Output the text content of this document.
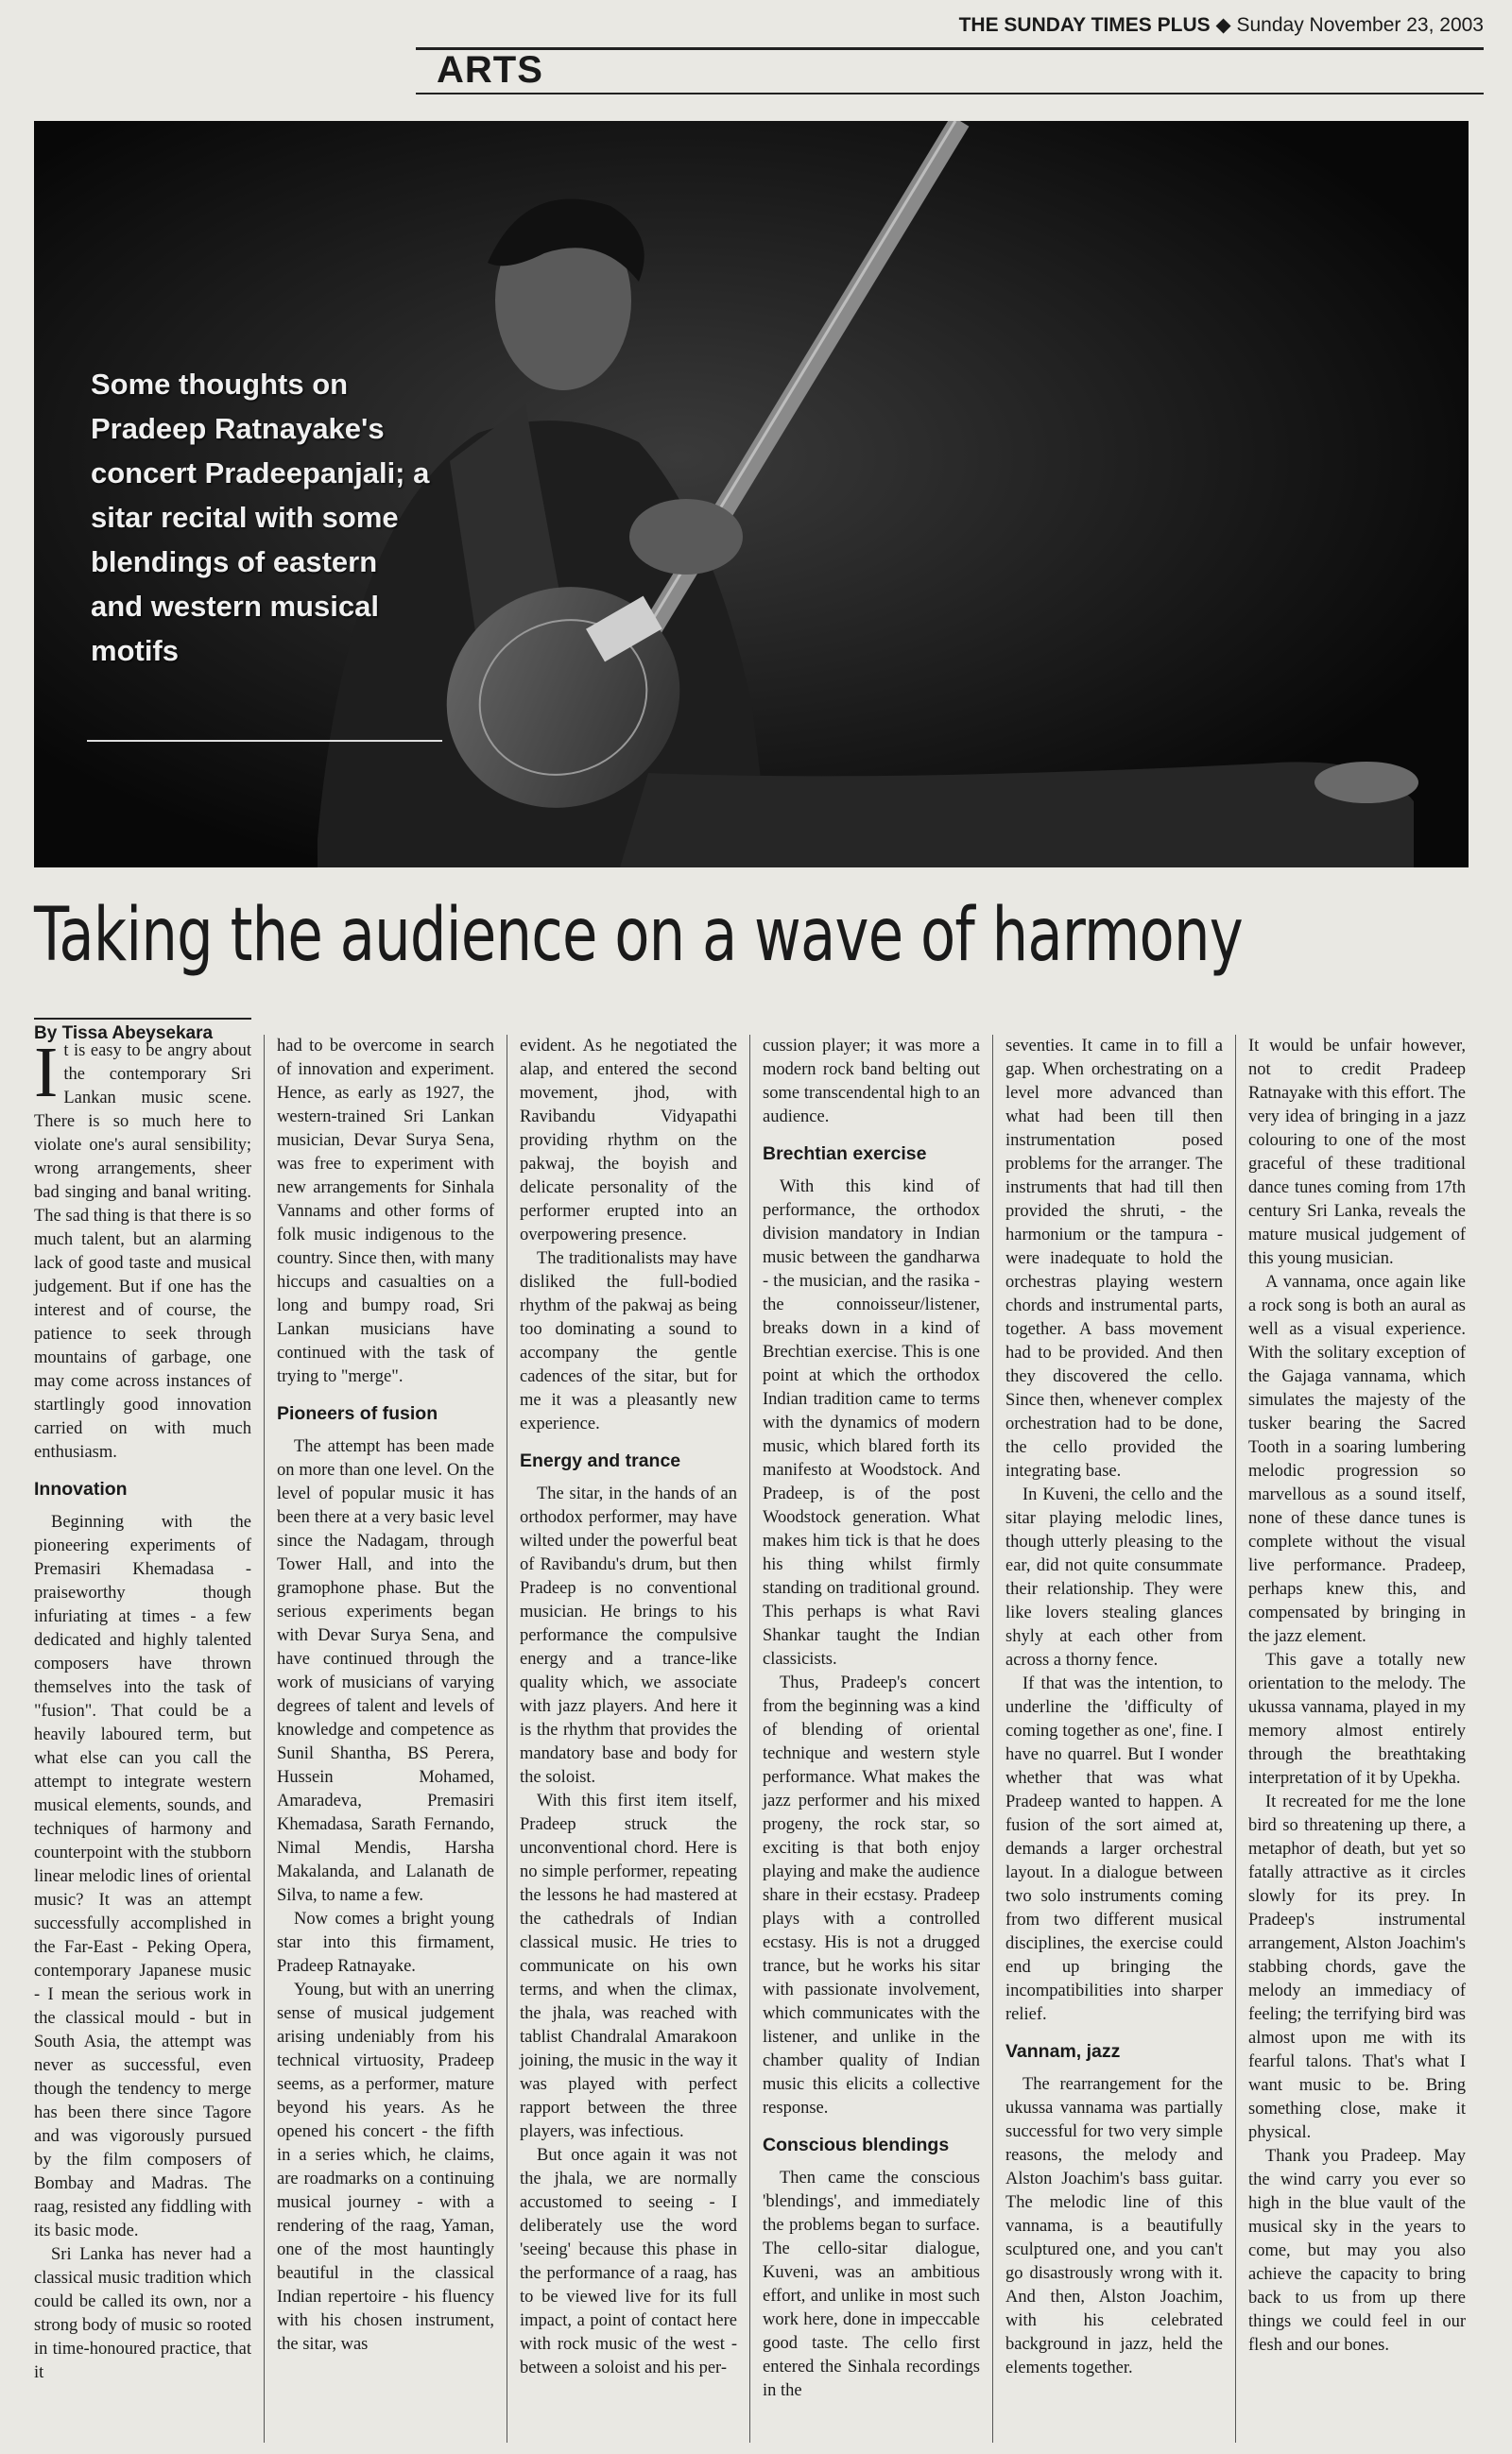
THE SUNDAY TIMES PLUS ◆ Sunday November 23, 2003
ARTS
Some thoughts on Pradeep Ratnayake's concert Pradeepanjali; a sitar recital with some blendings of eastern and western musical motifs
Taking the audience on a wave of harmony
By Tissa Abeysekara

It is easy to be angry about the contemporary Sri Lankan music scene. There is so much here to violate one's aural sensibility; wrong arrangements, sheer bad singing and banal writing. The sad thing is that there is so much talent, but an alarming lack of good taste and musical judgement. But if one has the interest and of course, the patience to seek through mountains of garbage, one may come across instances of startlingly good innovation carried on with much enthusiasm.

Innovation

Beginning with the pioneering experiments of Premasiri Khemadasa - praiseworthy though infuriating at times - a few dedicated and highly talented composers have thrown themselves into the task of "fusion". That could be a heavily laboured term, but what else can you call the attempt to integrate western musical elements, sounds, and techniques of harmony and counterpoint with the stubborn linear melodic lines of oriental music? It was an attempt successfully accomplished in the Far-East - Peking Opera, contemporary Japanese music - I mean the serious work in the classical mould - but in South Asia, the attempt was never as successful, even though the tendency to merge has been there since Tagore and was vigorously pursued by the film composers of Bombay and Madras. The raag, resisted any fiddling with its basic mode.

Sri Lanka has never had a classical music tradition which could be called its own, nor a strong body of music so rooted in time-honoured practice, that it

had to be overcome in search of innovation and experiment. Hence, as early as 1927, the western-trained Sri Lankan musician, Devar Surya Sena, was free to experiment with new arrangements for Sinhala Vannams and other forms of folk music indigenous to the country. Since then, with many hiccups and casualties on a long and bumpy road, Sri Lankan musicians have continued with the task of trying to "merge".

Pioneers of fusion

The attempt has been made on more than one level. On the level of popular music it has been there at a very basic level since the Nadagam, through Tower Hall, and into the gramophone phase. But the serious experiments began with Devar Surya Sena, and have continued through the work of musicians of varying degrees of talent and levels of knowledge and competence as Sunil Shantha, BS Perera, Hussein Mohamed, Amaradeva, Premasiri Khemadasa, Sarath Fernando, Nimal Mendis, Harsha Makalanda, and Lalanath de Silva, to name a few.

Now comes a bright young star into this firmament, Pradeep Ratnayake.

Young, but with an unerring sense of musical judgement arising undeniably from his technical virtuosity, Pradeep seems, as a performer, mature beyond his years. As he opened his concert - the fifth in a series which, he claims, are roadmarks on a continuing musical journey - with a rendering of the raag, Yaman, one of the most hauntingly beautiful in the classical Indian repertoire - his fluency with his chosen instrument, the sitar, was

evident. As he negotiated the alap, and entered the second movement, jhod, with Ravibandu Vidyapathi providing rhythm on the pakwaj, the boyish and delicate personality of the performer erupted into an overpowering presence.

The traditionalists may have disliked the full-bodied rhythm of the pakwaj as being too dominating a sound to accompany the gentle cadences of the sitar, but for me it was a pleasantly new experience.

Energy and trance

The sitar, in the hands of an orthodox performer, may have wilted under the powerful beat of Ravibandu's drum, but then Pradeep is no conventional musician. He brings to his performance the compulsive energy and a trance-like quality which, we associate with jazz players. And here it is the rhythm that provides the mandatory base and body for the soloist.

With this first item itself, Pradeep struck the unconventional chord. Here is no simple performer, repeating the lessons he had mastered at the cathedrals of Indian classical music. He tries to communicate on his own terms, and when the climax, the jhala, was reached with tablist Chandralal Amarakoon joining, the music in the way it was played with perfect rapport between the three players, was infectious.

But once again it was not the jhala, we are normally accustomed to seeing - I deliberately use the word 'seeing' because this phase in the performance of a raag, has to be viewed live for its full impact, a point of contact here with rock music of the west - between a soloist and his per-

cussion player; it was more a modern rock band belting out some transcendental high to an audience.

Brechtian exercise

With this kind of performance, the orthodox division mandatory in Indian music between the gandharwa - the musician, and the rasika - the connoisseur/listener, breaks down in a kind of Brechtian exercise. This is one point at which the orthodox Indian tradition came to terms with the dynamics of modern music, which blared forth its manifesto at Woodstock. And Pradeep, is of the post Woodstock generation. What makes him tick is that he does his thing whilst firmly standing on traditional ground. This perhaps is what Ravi Shankar taught the Indian classicists.

Thus, Pradeep's concert from the beginning was a kind of blending of oriental technique and western style performance. What makes the jazz performer and his mixed progeny, the rock star, so exciting is that both enjoy playing and make the audience share in their ecstasy. Pradeep plays with a controlled ecstasy. His is not a drugged trance, but he works his sitar with passionate involvement, which communicates with the listener, and unlike in the chamber quality of Indian music this elicits a collective response.

Conscious blendings

Then came the conscious 'blendings', and immediately the problems began to surface. The cello-sitar dialogue, Kuveni, was an ambitious effort, and unlike in most such work here, done in impeccable good taste. The cello first entered the Sinhala recordings in the

seventies. It came in to fill a gap. When orchestrating on a level more advanced than what had been till then instrumentation posed problems for the arranger. The instruments that had till then provided the shruti, - the harmonium or the tampura - were inadequate to hold the orchestras playing western chords and instrumental parts, together. A bass movement had to be provided. And then they discovered the cello. Since then, whenever complex orchestration had to be done, the cello provided the integrating base.

In Kuveni, the cello and the sitar playing melodic lines, though utterly pleasing to the ear, did not quite consummate their relationship. They were like lovers stealing glances shyly at each other from across a thorny fence.

If that was the intention, to underline the 'difficulty of coming together as one', fine. I have no quarrel. But I wonder whether that was what Pradeep wanted to happen. A fusion of the sort aimed at, demands a larger orchestral layout. In a dialogue between two solo instruments coming from two different musical disciplines, the exercise could end up bringing the incompatibilities into sharper relief.

Vannam, jazz

The rearrangement for the ukussa vannama was partially successful for two very simple reasons, the melody and Alston Joachim's bass guitar. The melodic line of this vannama, is a beautifully sculptured one, and you can't go disastrously wrong with it. And then, Alston Joachim, with his celebrated background in jazz, held the elements together.

It would be unfair however, not to credit Pradeep Ratnayake with this effort. The very idea of bringing in a jazz colouring to one of the most graceful of these traditional dance tunes coming from 17th century Sri Lanka, reveals the mature musical judgement of this young musician.

A vannama, once again like a rock song is both an aural as well as a visual experience. With the solitary exception of the Gajaga vannama, which simulates the majesty of the tusker bearing the Sacred Tooth in a soaring lumbering melodic progression so marvellous as a sound itself, none of these dance tunes is complete without the visual live performance. Pradeep, perhaps knew this, and compensated by bringing in the jazz element.

This gave a totally new orientation to the melody. The ukussa vannama, played in my memory almost entirely through the breathtaking interpretation of it by Upekha.

It recreated for me the lone bird so threatening up there, a metaphor of death, but yet so fatally attractive as it circles slowly for its prey. In Pradeep's instrumental arrangement, Alston Joachim's stabbing chords, gave the melody an immediacy of feeling; the terrifying bird was almost upon me with its fearful talons. That's what I want music to be. Bring something close, make it physical.

Thank you Pradeep. May the wind carry you ever so high in the blue vault of the musical sky in the years to come, but may you also achieve the capacity to bring back to us from up there things we could feel in our flesh and our bones.
